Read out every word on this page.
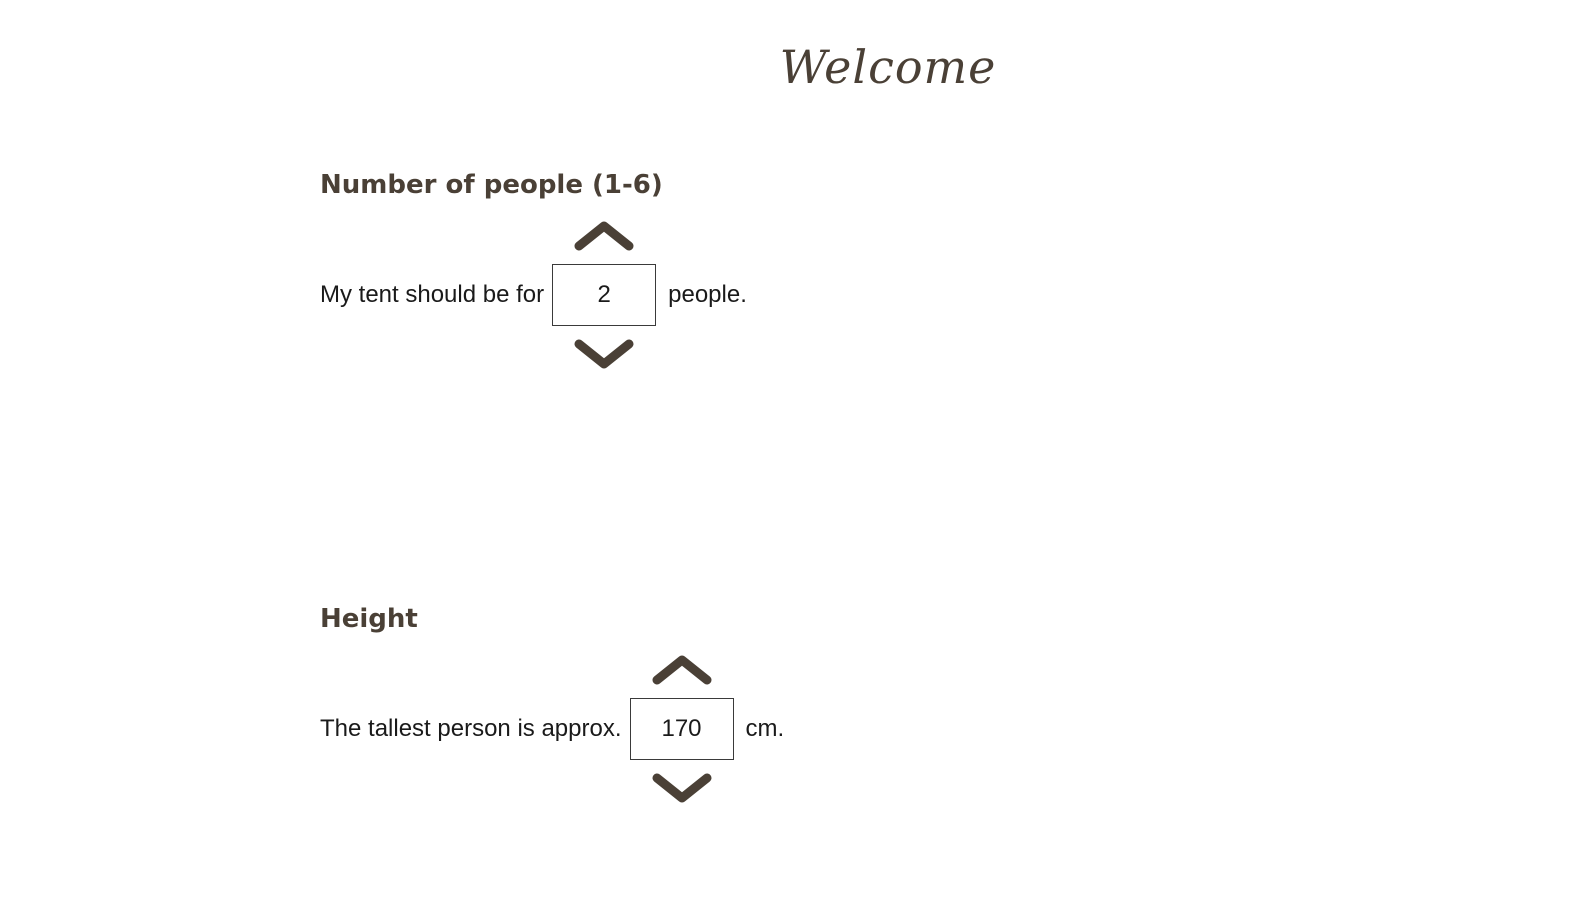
Welcome
Number of people (1-6)
My tent should be for 2 people.
Height
The tallest person is approx. 170 cm.
